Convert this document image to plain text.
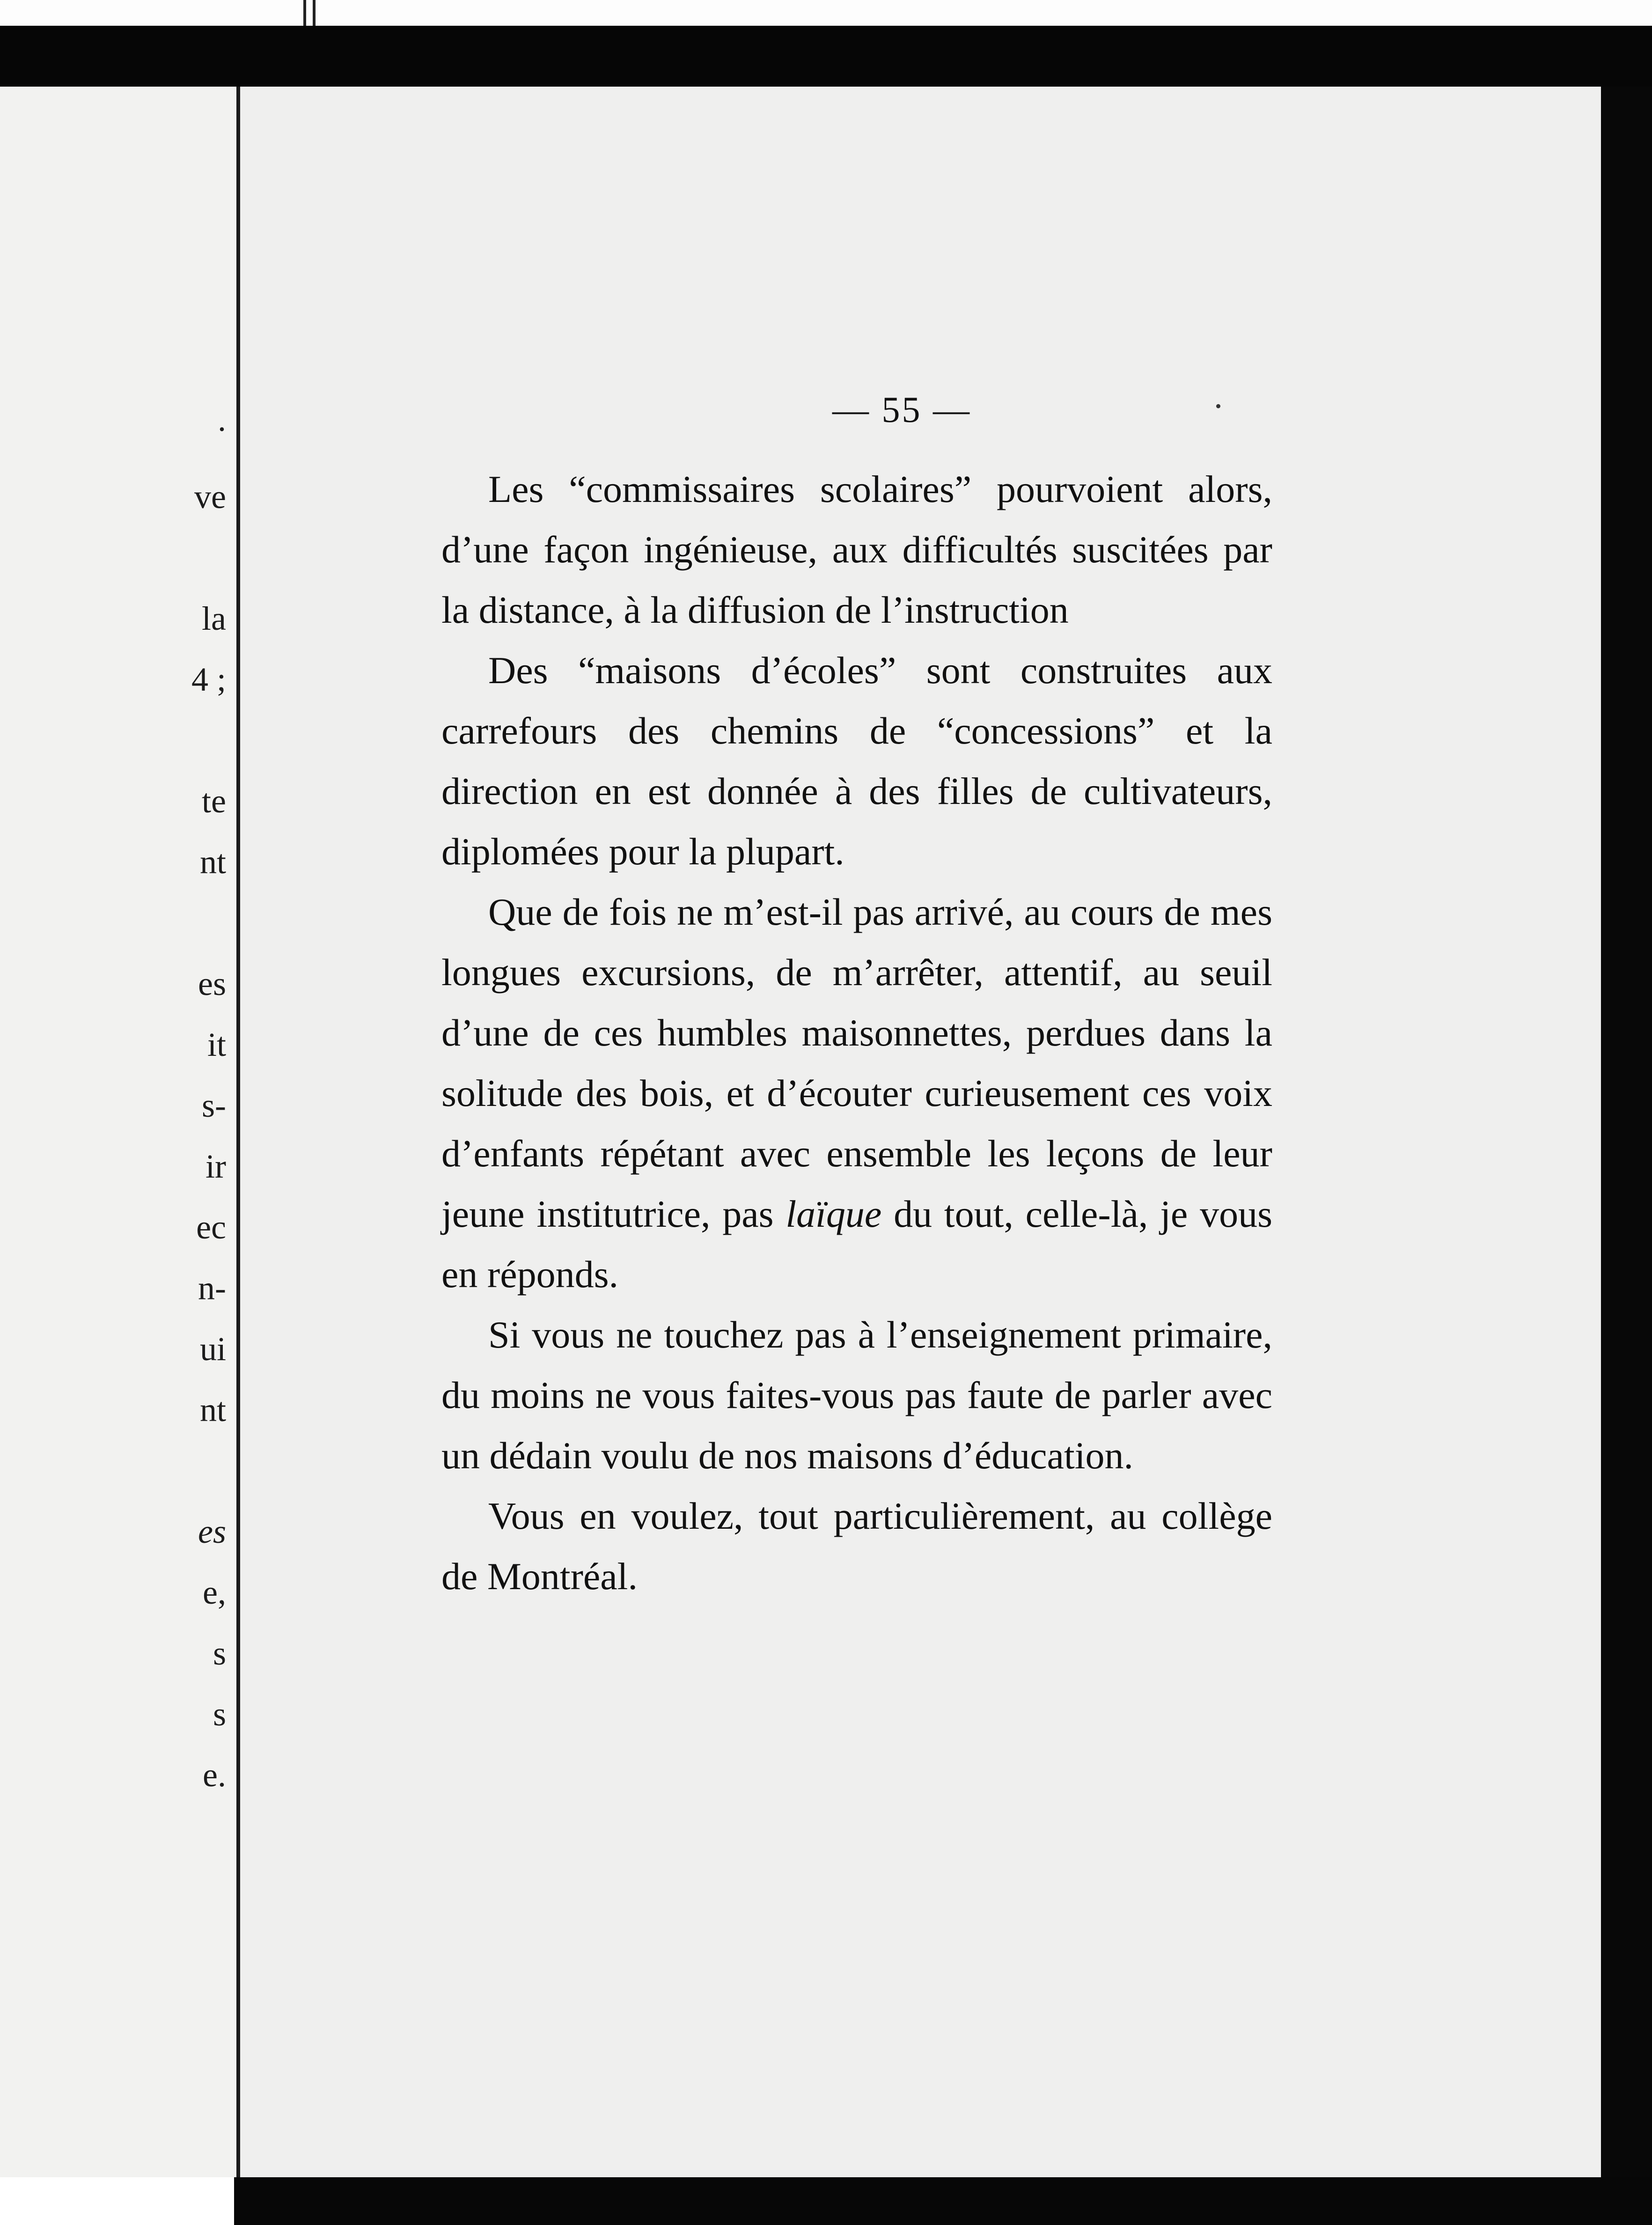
.
ve
la
4 ;
te
nt
es
it
s-
ir
ec
n-
ui
nt
es
e,
s
s
e.
— 55 —

Les “commissaires scolaires” pourvoient alors, d’une façon ingénieuse, aux difficultés suscitées par la distance, à la diffusion de l’instruction

Des “maisons d’écoles” sont construites aux carrefours des chemins de “concessions” et la direction en est donnée à des filles de cultivateurs, diplomées pour la plupart.

Que de fois ne m’est-il pas arrivé, au cours de mes longues excursions, de m’arrêter, attentif, au seuil d’une de ces humbles maisonnettes, perdues dans la solitude des bois, et d’écouter curieusement ces voix d’enfants répétant avec ensemble les leçons de leur jeune institutrice, pas laïque du tout, celle-là, je vous en réponds.

Si vous ne touchez pas à l’enseignement primaire, du moins ne vous faites-vous pas faute de parler avec un dédain voulu de nos maisons d’éducation.

Vous en voulez, tout particulièrement, au collège de Montréal.
